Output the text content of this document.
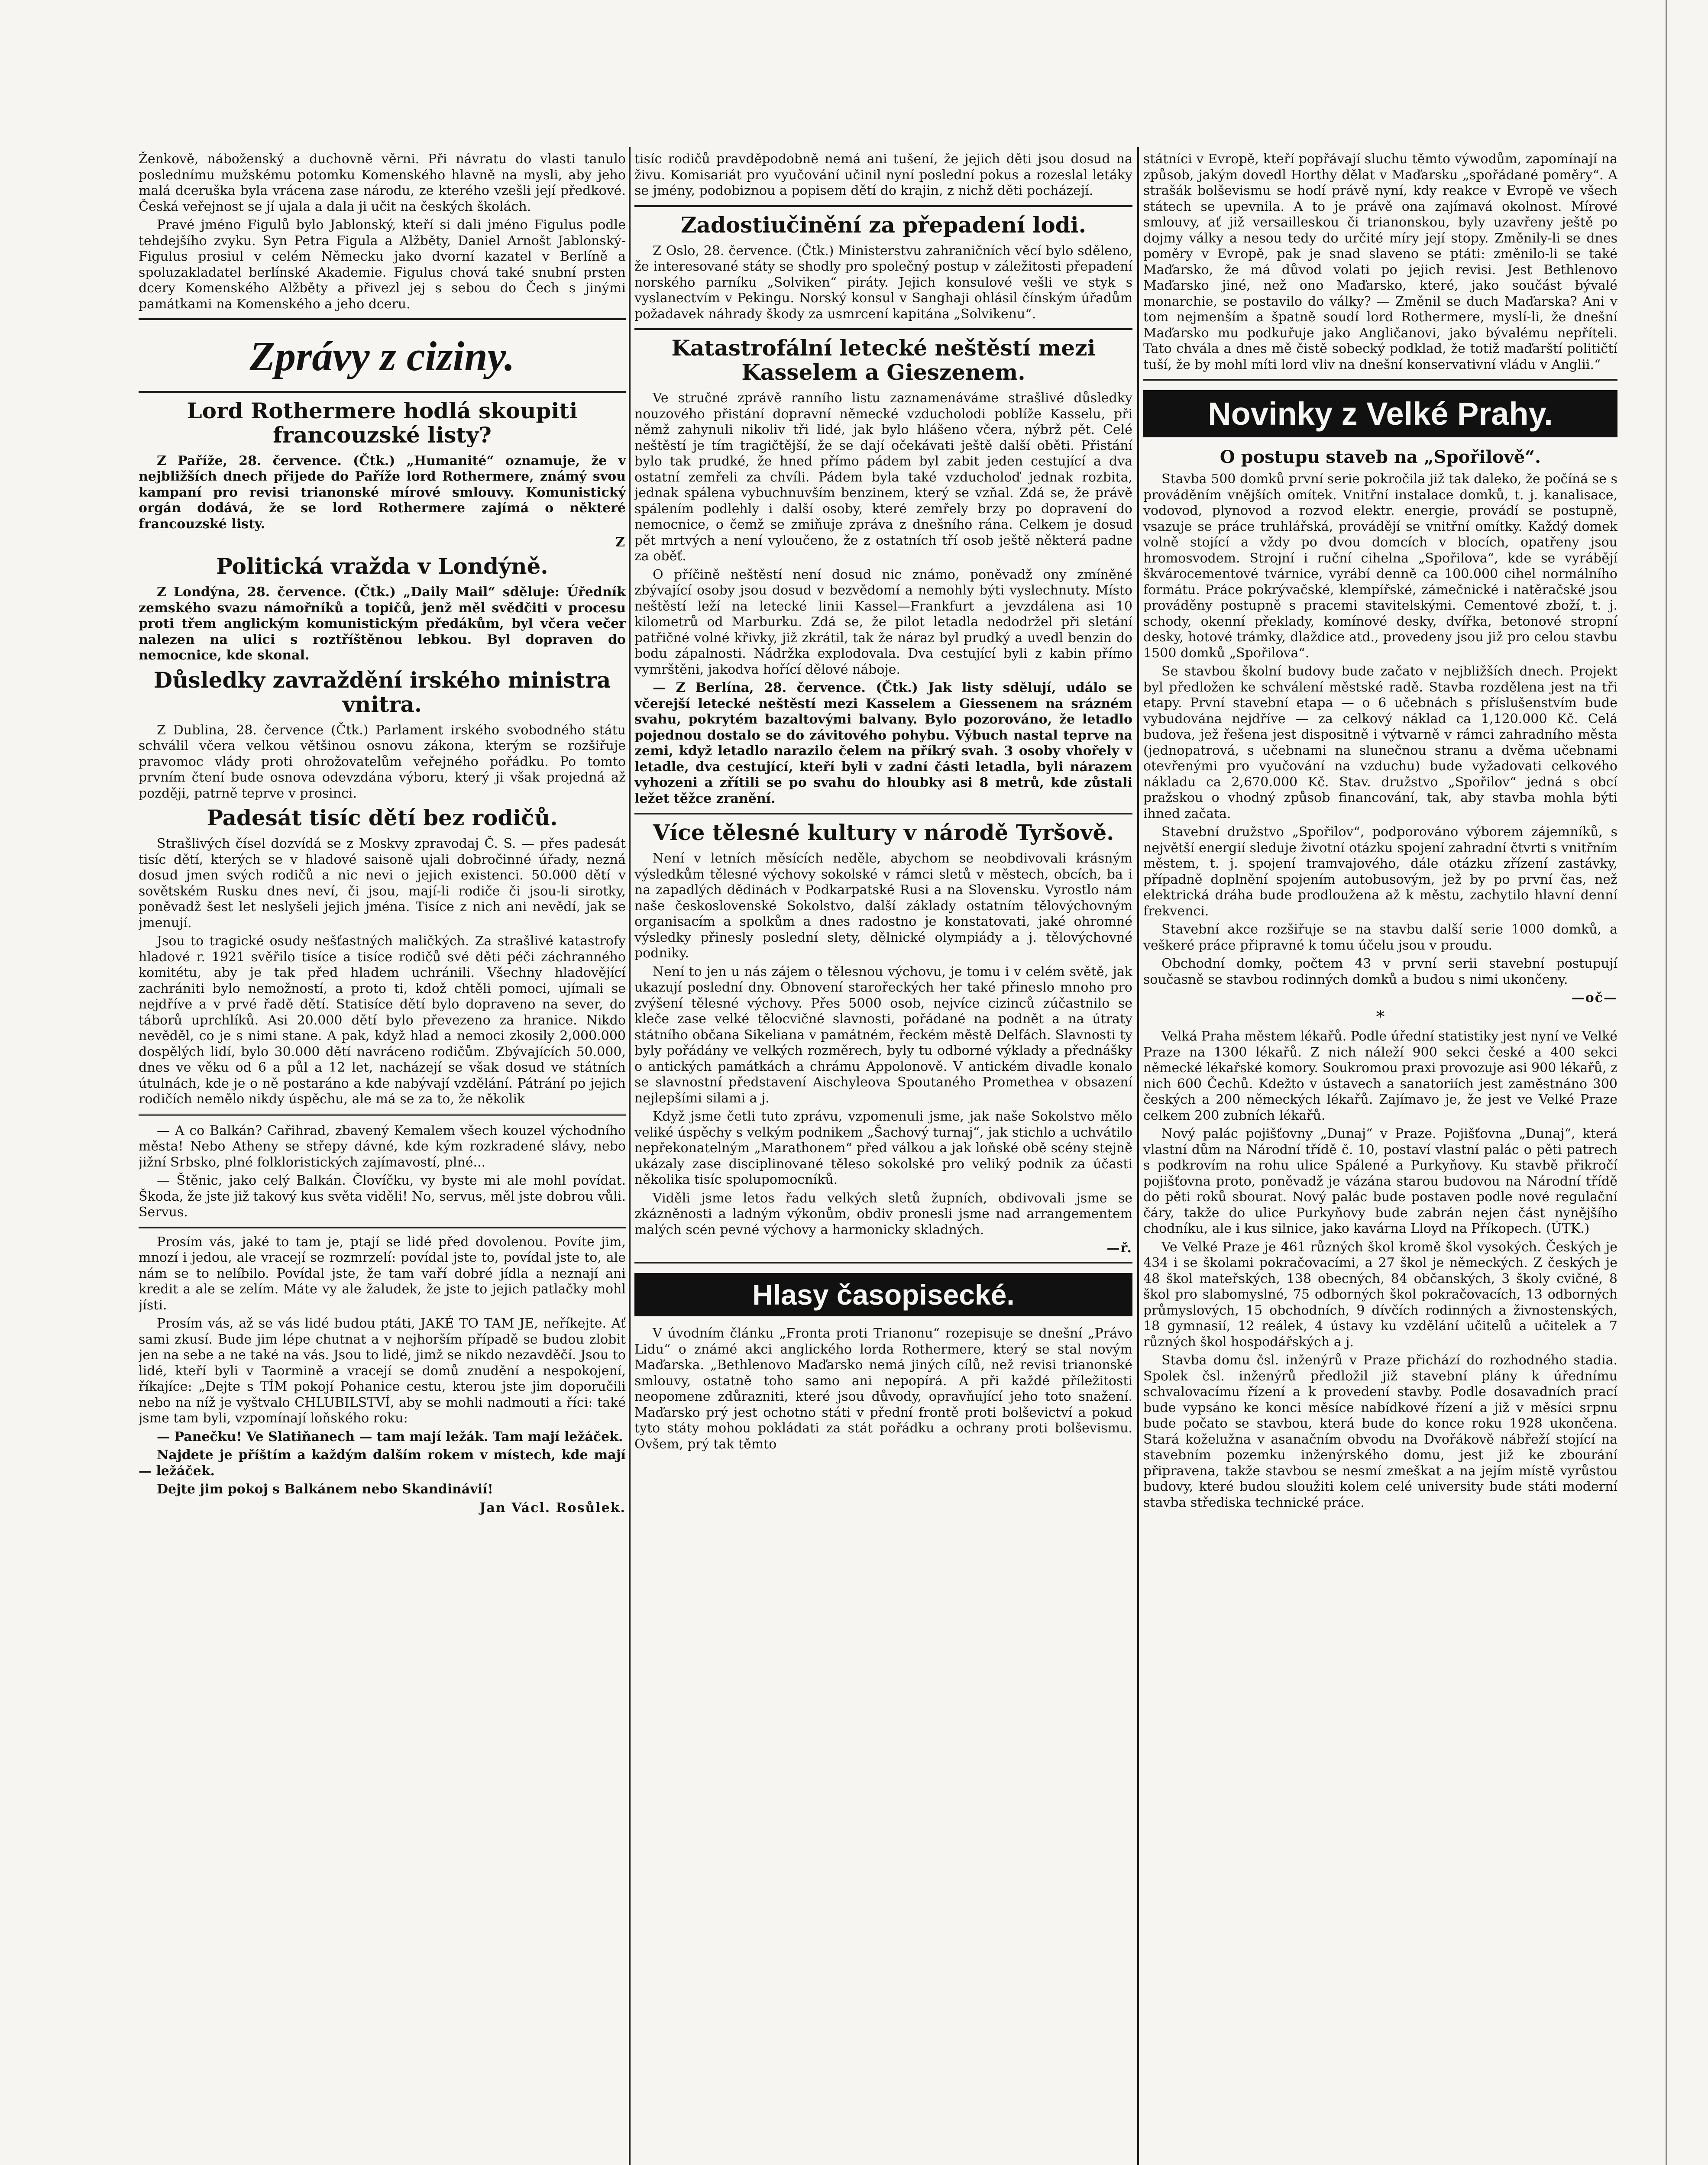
Ženkově, náboženský a duchovně věrni. Při návratu do vlasti tanulo poslednímu mužskému potomku Komenského hlavně na mysli, aby jeho malá dceruška byla vrácena zase národu, ze kterého vzešli její předkové. Česká veřejnost se jí ujala a dala ji učit na českých školách.

Pravé jméno Figulů bylo Jablonský, kteří si dali jméno Figulus podle tehdejšího zvyku. Syn Petra Figula a Alžběty, Daniel Arnošt Jablonský-Figulus prosiul v celém Německu jako dvorní kazatel v Berlíně a spoluzakladatel berlínské Akademie. Figulus chová také snubní prsten dcery Komenského Alžběty a přivezl jej s sebou do Čech s jinými památkami na Komenského a jeho dceru.

Zprávy z ciziny.
Lord Rothermere hodlá skoupiti francouzské listy?

Z Paříže, 28. července. (Čtk.) „Humanité“ oznamuje, že v nejbližších dnech přijede do Paříže lord Rothermere, známý svou kampaní pro revisi trianonské mírové smlouvy. Komunistický orgán dodává, že se lord Rothermere zajímá o některé francouzské listy.

Z
Politická vražda v Londýně.

Z Londýna, 28. července. (Čtk.) „Daily Mail“ sděluje: Úředník zemského svazu námořníků a topičů, jenž měl svědčiti v procesu proti třem anglickým komunistickým předákům, byl včera večer nalezen na ulici s roztříštěnou lebkou. Byl dopraven do nemocnice, kde skonal.

Důsledky zavraždění irského ministra vnitra.

Z Dublina, 28. července (Čtk.) Parlament irského svobodného státu schválil včera velkou většinou osnovu zákona, kterým se rozšiřuje pravomoc vlády proti ohrožovatelům veřejného pořádku. Po tomto prvním čtení bude osnova odevzdána výboru, který ji však projedná až později, patrně teprve v prosinci.

Padesát tisíc dětí bez rodičů.

Strašlivých čísel dozvídá se z Moskvy zpravodaj Č. S. — přes padesát tisíc dětí, kterých se v hladové saisoně ujali dobročinné úřady, nezná dosud jmen svých rodičů a nic nevi o jejich existenci. 50.000 dětí v sovětském Rusku dnes neví, či jsou, mají-li rodiče či jsou-li sirotky, poněvadž šest let neslyšeli jejich jména. Tisíce z nich ani nevědí, jak se jmenují.

Jsou to tragické osudy nešťastných maličkých. Za strašlivé katastrofy hladové r. 1921 svěřilo tisíce a tisíce rodičů své děti péči záchranného komitétu, aby je tak před hladem uchránili. Všechny hladovějící zachrániti bylo nemožností, a proto ti, kdož chtěli pomoci, ujímali se nejdříve a v prvé řadě dětí. Statisíce dětí bylo dopraveno na sever, do táborů uprchlíků. Asi 20.000 dětí bylo převezeno za hranice. Nikdo nevěděl, co je s nimi stane. A pak, když hlad a nemoci zkosily 2,000.000 dospělých lidí, bylo 30.000 dětí navráceno rodičům. Zbývajících 50.000, dnes ve věku od 6 a půl a 12 let, nacházejí se však dosud ve státních útulnách, kde je o ně postaráno a kde nabývají vzdělání. Pátrání po jejich rodičích nemělo nikdy úspěchu, ale má se za to, že několik

— A co Balkán? Cařihrad, zbavený Kemalem všech kouzel východního města! Nebo Atheny se střepy dávné, kde kým rozkradené slávy, nebo jižní Srbsko, plné folkloristických zajímavostí, plné...

— Štěnic, jako celý Balkán. Človíčku, vy byste mi ale mohl povídat. Škoda, že jste již takový kus světa viděli! No, servus, měl jste dobrou vůli. Servus.

Prosím vás, jaké to tam je, ptají se lidé před dovolenou. Povíte jim, mnozí i jedou, ale vracejí se rozmrzelí: povídal jste to, povídal jste to, ale nám se to nelíbilo. Povídal jste, že tam vaří dobré jídla a neznají ani kredit a ale se zelím. Máte vy ale žaludek, že jste to jejich patlačky mohl jísti.

Prosím vás, až se vás lidé budou ptáti, JAKÉ TO TAM JE, neříkejte. Ať sami zkusí. Bude jim lépe chutnat a v nejhorším případě se budou zlobit jen na sebe a ne také na vás. Jsou to lidé, jimž se nikdo nezavděčí. Jsou to lidé, kteří byli v Taormině a vracejí se domů znudění a nespokojení, říkajíce: „Dejte s TÍM pokojí Pohanice cestu, kterou jste jim doporučili nebo na níž je vyštvalo CHLUBILSTVÍ, aby se mohli nadmouti a říci: také jsme tam byli, vzpomínají loňského roku:

— Panečku! Ve Slatiňanech — tam mají ležák. Tam mají ležáček.

Najdete je příštím a každým dalším rokem v místech, kde mají — ležáček.

Dejte jim pokoj s Balkánem nebo Skandinávií!

Jan Václ. Rosůlek.

tisíc rodičů pravděpodobně nemá ani tušení, že jejich děti jsou dosud na živu. Komisariát pro vyučování učinil nyní poslední pokus a rozeslal letáky se jmény, podobiznou a popisem dětí do krajin, z nichž děti pocházejí.

Zadostiučinění za přepadení lodi.

Z Oslo, 28. července. (Čtk.) Ministerstvu zahraničních věcí bylo sděleno, že interesované státy se shodly pro společný postup v záležitosti přepadení norského parníku „Solviken“ piráty. Jejich konsulové vešli ve styk s vyslanectvím v Pekingu. Norský konsul v Sanghaji ohlásil čínským úřadům požadavek náhrady škody za usmrcení kapitána „Solvikenu“.

Katastrofální letecké neštěstí mezi Kasselem a Gieszenem.

Ve stručné zprávě ranního listu zaznamenáváme strašlivé důsledky nouzového přistání dopravní německé vzducholodi poblíže Kasselu, při němž zahynuli nikoliv tři lidé, jak bylo hlášeno včera, nýbrž pět. Celé neštěstí je tím tragičtější, že se dají očekávati ještě další oběti. Přistání bylo tak prudké, že hned přímo pádem byl zabit jeden cestující a dva ostatní zemřeli za chvíli. Pádem byla také vzducholoď jednak rozbita, jednak spálena vybuchnuvším benzinem, který se vzňal. Zdá se, že právě spálením podlehly i další osoby, které zemřely brzy po dopravení do nemocnice, o čemž se zmiňuje zpráva z dnešního rána. Celkem je dosud pět mrtvých a není vyloučeno, že z ostatních tří osob ještě některá padne za oběť.

O příčině neštěstí není dosud nic známo, poněvadž ony zmíněné zbývající osoby jsou dosud v bezvědomí a nemohly býti vyslechnuty. Místo neštěstí leží na letecké linii Kassel—Frankfurt a jevzdálena asi 10 kilometrů od Marburku. Zdá se, že pilot letadla nedodržel při sletání patřičné volné křivky, již zkrátil, tak že náraz byl prudký a uvedl benzin do bodu zápalnosti. Nádržka explodovala. Dva cestující byli z kabin přímo vymrštěni, jakodva hořící dělové náboje.

— Z Berlína, 28. července. (Čtk.) Jak listy sdělují, událo se včerejší letecké neštěstí mezi Kasselem a Giessenem na srázném svahu, pokrytém bazaltovými balvany. Bylo pozorováno, že letadlo pojednou dostalo se do závitového pohybu. Výbuch nastal teprve na zemi, když letadlo narazilo čelem na příkrý svah. 3 osoby vhořely v letadle, dva cestující, kteří byli v zadní části letadla, byli nárazem vyhozeni a zřítili se po svahu do hloubky asi 8 metrů, kde zůstali ležet těžce zranění.

Více tělesné kultury v národě Tyršově.

Není v letních měsících neděle, abychom se neobdivovali krásným výsledkům tělesné výchovy sokolské v rámci sletů v městech, obcích, ba i na zapadlých dědinách v Podkarpatské Rusi a na Slovensku. Vyrostlo nám naše československé Sokolstvo, další základy ostatním tělovýchovným organisacím a spolkům a dnes radostno je konstatovati, jaké ohromné výsledky přinesly poslední slety, dělnické olympiády a j. tělovýchovné podniky.

Není to jen u nás zájem o tělesnou výchovu, je tomu i v celém světě, jak ukazují poslední dny. Obnovení starořeckých her také přineslo mnoho pro zvýšení tělesné výchovy. Přes 5000 osob, nejvíce cizinců zúčastnilo se kleče zase velké tělocvičné slavnosti, pořádané na podnět a na útraty státního občana Sikeliana v památném, řeckém městě Delfách. Slavnosti ty byly pořádány ve velkých rozměrech, byly tu odborné výklady a přednášky o antických památkách a chrámu Appolonově. V antickém divadle konalo se slavnostní představení Aischyleova Spoutaného Promethea v obsazení nejlepšími silami a j.

Když jsme četli tuto zprávu, vzpomenuli jsme, jak naše Sokolstvo mělo veliké úspěchy s velkým podnikem „Šachový turnaj“, jak stichlo a uchvátilo nepřekonatelným „Marathonem“ před válkou a jak loňské obě scény stejně ukázaly zase disciplinované těleso sokolské pro veliký podnik za účasti několika tisíc spolupomocníků.

Viděli jsme letos řadu velkých sletů župních, obdivovali jsme se zkázněnosti a ladným výkonům, obdiv pronesli jsme nad arrangementem malých scén pevné výchovy a harmonicky skladných.

—ř.
Hlasy časopisecké.

V úvodním článku „Fronta proti Trianonu“ rozepisuje se dnešní „Právo Lidu“ o známé akci anglického lorda Rothermere, který se stal novým Maďarska. „Bethlenovo Maďarsko nemá jiných cílů, než revisi trianonské smlouvy, ostatně toho samo ani nepopírá. A při každé příležitosti neopomene zdůrazniti, které jsou důvody, opravňující jeho toto snažení. Maďarsko prý jest ochotno státi v přední frontě proti bolševictví a pokud tyto státy mohou pokládati za stát pořádku a ochrany proti bolševismu. Ovšem, prý tak těmto

státníci v Evropě, kteří popřávají sluchu těmto výwodům, zapomínají na způsob, jakým dovedl Horthy dělat v Maďarsku „spořádané poměry“. A strašák bolševismu se hodí právě nyní, kdy reakce v Evropě ve všech státech se upevnila. A to je právě ona zajímavá okolnost. Mírové smlouvy, ať již versailleskou či trianonskou, byly uzavřeny ještě po dojmy války a nesou tedy do určité míry její stopy. Změnily-li se dnes poměry v Evropě, pak je snad slaveno se ptáti: změnilo-li se také Maďarsko, že má důvod volati po jejich revisi. Jest Bethlenovo Maďarsko jiné, než ono Maďarsko, které, jako součást bývalé monarchie, se postavilo do války? — Změnil se duch Maďarska? Ani v tom nejmenším a špatně soudí lord Rothermere, myslí-li, že dnešní Maďarsko mu podkuřuje jako Angličanovi, jako bývalému nepříteli. Tato chvála a dnes mě čistě sobecký podklad, že totiž maďarští političtí tuší, že by mohl míti lord vliv na dnešní konservativní vládu v Anglii.“

Novinky z Velké Prahy.
O postupu staveb na „Spořilově“.

Stavba 500 domků první serie pokročila již tak daleko, že počíná se s prováděním vnějších omítek. Vnitřní instalace domků, t. j. kanalisace, vodovod, plynovod a rozvod elektr. energie, provádí se postupně, vsazuje se práce truhlářská, provádějí se vnitřní omítky. Každý domek volně stojící a vždy po dvou domcích v blocích, opatřeny jsou hromosvodem. Strojní i ruční cihelna „Spořilova“, kde se vyrábějí škvárocementové tvárnice, vyrábí denně ca 100.000 cihel normálního formátu. Práce pokrývačské, klempířské, zámečnické i natěračské jsou prováděny postupně s pracemi stavitelskými. Cementové zboží, t. j. schody, okenní překlady, komínové desky, dvířka, betonové stropní desky, hotové trámky, dlaždice atd., provedeny jsou již pro celou stavbu 1500 domků „Spořilova“.

Se stavbou školní budovy bude začato v nejbližších dnech. Projekt byl předložen ke schválení městské radě. Stavba rozdělena jest na tři etapy. První stavební etapa — o 6 učebnách s příslušenstvím bude vybudována nejdříve — za celkový náklad ca 1,120.000 Kč. Celá budova, jež řešena jest dispositně i výtvarně v rámci zahradního města (jednopatrová, s učebnami na slunečnou stranu a dvěma učebnami otevřenými pro vyučování na vzduchu) bude vyžadovati celkového nákladu ca 2,670.000 Kč. Stav. družstvo „Spořilov“ jedná s obcí pražskou o vhodný způsob financování, tak, aby stavba mohla býti ihned začata.

Stavební družstvo „Spořilov“, podporováno výborem zájemníků, s největší energií sleduje životní otázku spojení zahradní čtvrti s vnitřním městem, t. j. spojení tramvajového, dále otázku zřízení zastávky, případně doplnění spojením autobusovým, jež by po první čas, než elektrická dráha bude prodloužena až k městu, zachytilo hlavní denní frekvenci.

Stavební akce rozšiřuje se na stavbu další serie 1000 domků, a veškeré práce připravné k tomu účelu jsou v proudu.

Obchodní domky, počtem 43 v první serii stavební postupují současně se stavbou rodinných domků a budou s nimi ukončeny.

—oč—
*

Velká Praha městem lékařů. Podle úřední statistiky jest nyní ve Velké Praze na 1300 lékařů. Z nich náleží 900 sekci české a 400 sekci německé lékařské komory. Soukromou praxi provozuje asi 900 lékařů, z nich 600 Čechů. Kdežto v ústavech a sanatoriích jest zaměstnáno 300 českých a 200 německých lékařů. Zajímavo je, že jest ve Velké Praze celkem 200 zubních lékařů.

Nový palác pojišťovny „Dunaj“ v Praze. Pojišťovna „Dunaj“, která vlastní dům na Národní třídě č. 10, postaví vlastní palác o pěti patrech s podkrovím na rohu ulice Spálené a Purkyňovy. Ku stavbě přikročí pojišťovna proto, poněvadž je vázána starou budovou na Národní třídě do pěti roků sbourat. Nový palác bude postaven podle nové regulační čáry, takže do ulice Purkyňovy bude zabrán nejen část nynějšího chodníku, ale i kus silnice, jako kavárna Lloyd na Příkopech. (ÚTK.)

Ve Velké Praze je 461 různých škol kromě škol vysokých. Českých je 434 i se školami pokračovacími, a 27 škol je německých. Z českých je 48 škol mateřských, 138 obecných, 84 občanských, 3 školy cvičné, 8 škol pro slabomyslné, 75 odborných škol pokračovacích, 13 odborných průmyslových, 15 obchodních, 9 dívčích rodinných a živnostenských, 18 gymnasií, 12 reálek, 4 ústavy ku vzdělání učitelů a učitelek a 7 různých škol hospodářských a j.

Stavba domu čsl. inženýrů v Praze přichází do rozhodného stadia. Spolek čsl. inženýrů předložil již stavební plány k úřednímu schvalovacímu řízení a k provedení stavby. Podle dosavadních prací bude vypsáno ke konci měsíce nabídkové řízení a již v měsíci srpnu bude počato se stavbou, která bude do konce roku 1928 ukončena. Stará koželužna v asanačním obvodu na Dvořákově nábřeží stojící na stavebním pozemku inženýrského domu, jest již ke zbourání připravena, takže stavbou se nesmí zmeškat a na jejím místě vyrůstou budovy, které budou sloužiti kolem celé university bude státi moderní stavba střediska technické práce.
